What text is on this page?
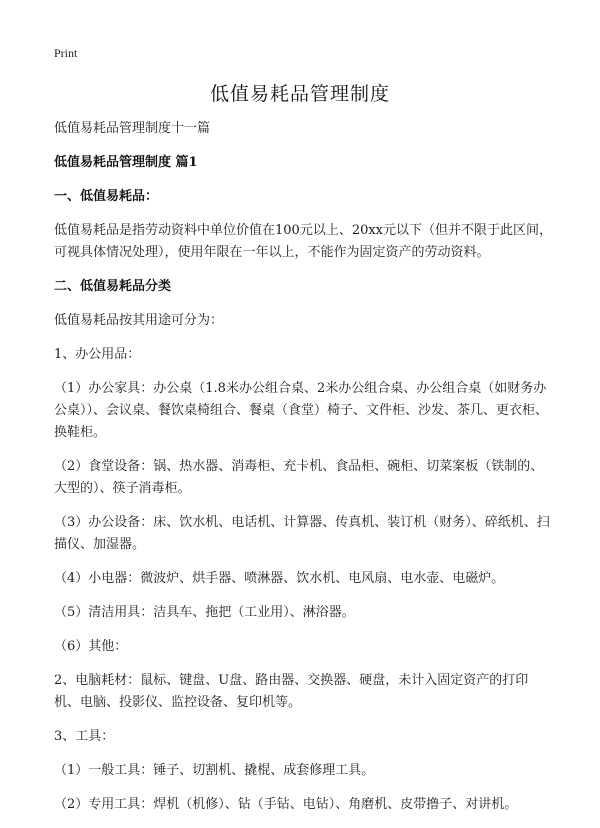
Print
低值易耗品管理制度

低值易耗品管理制度十一篇

低值易耗品管理制度 篇1

一、低值易耗品：

低值易耗品是指劳动资料中单位价值在100元以上、20xx元以下（但并不限于此区间，可视具体情况处理），使用年限在一年以上，不能作为固定资产的劳动资料。

二、低值易耗品分类

低值易耗品按其用途可分为：

1、办公用品：

（1）办公家具：办公桌（1.8米办公组合桌、2米办公组合桌、办公组合桌（如财务办公桌））、会议桌、餐饮桌椅组合、餐桌（食堂）椅子、文件柜、沙发、茶几、更衣柜、换鞋柜。

（2）食堂设备：锅、热水器、消毒柜、充卡机、食品柜、碗柜、切菜案板（铁制的、大型的）、筷子消毒柜。

（3）办公设备：床、饮水机、电话机、计算器、传真机、装订机（财务）、碎纸机、扫描仪、加湿器。

（4）小电器：微波炉、烘手器、喷淋器、饮水机、电风扇、电水壶、电磁炉。

（5）清洁用具：洁具车、拖把（工业用）、淋浴器。

（6）其他：

2、电脑耗材：鼠标、键盘、U盘、路由器、交换器、硬盘，未计入固定资产的打印机、电脑、投影仪、监控设备、复印机等。

3、工具：

（1）一般工具：锤子、切割机、撬棍、成套修理工具。

（2）专用工具：焊机（机修）、钻（手钻、电钻）、角磨机、皮带撸子、对讲机。
